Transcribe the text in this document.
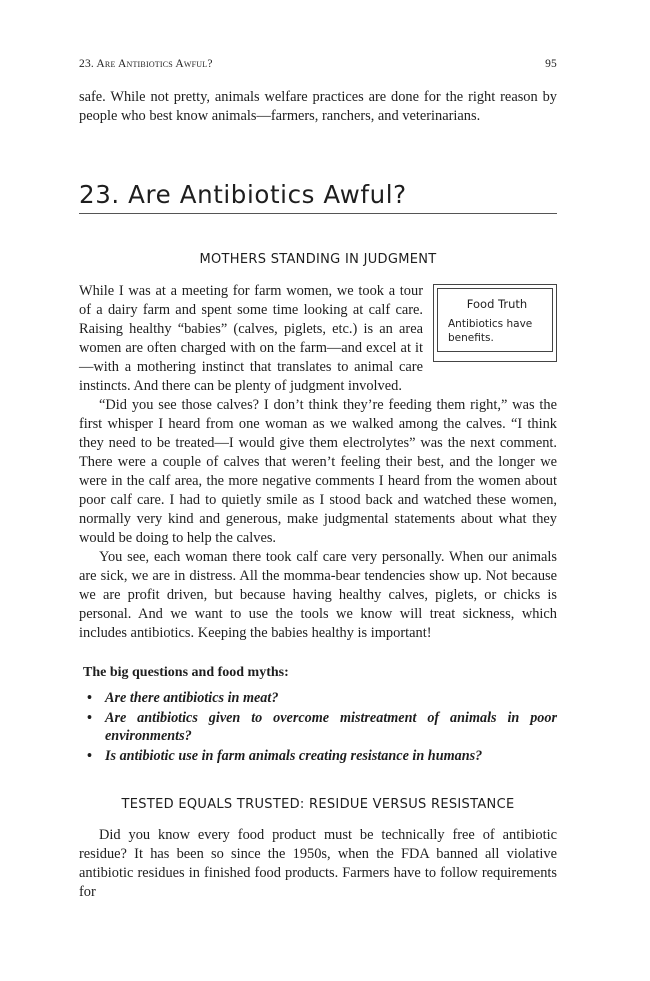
23. Are Antibiotics Awful?	95

safe. While not pretty, animals welfare practices are done for the right reason by people who best know animals—farmers, ranchers, and veterinarians.

23. Are Antibiotics Awful?
MOTHERS STANDING IN JUDGMENT
Food Truth
Antibiotics have benefits.

While I was at a meeting for farm women, we took a tour of a dairy farm and spent some time looking at calf care. Raising healthy “babies” (calves, piglets, etc.) is an area women are often charged with on the farm—and excel at it—with a mothering instinct that translates to animal care instincts. And there can be plenty of judgment involved.

“Did you see those calves? I don’t think they’re feeding them right,” was the first whisper I heard from one woman as we walked among the calves. “I think they need to be treated—I would give them electrolytes” was the next comment. There were a couple of calves that weren’t feeling their best, and the longer we were in the calf area, the more negative comments I heard from the women about poor calf care. I had to quietly smile as I stood back and watched these women, normally very kind and generous, make judgmental statements about what they would be doing to help the calves.

You see, each woman there took calf care very personally. When our animals are sick, we are in distress. All the momma-bear tendencies show up. Not because we are profit driven, but because having healthy calves, piglets, or chicks is personal. And we want to use the tools we know will treat sickness, which includes antibiotics. Keeping the babies healthy is important!

The big questions and food myths:
• Are there antibiotics in meat?
• Are antibiotics given to overcome mistreatment of animals in poor environments?
• Is antibiotic use in farm animals creating resistance in humans?
TESTED EQUALS TRUSTED: RESIDUE VERSUS RESISTANCE

Did you know every food product must be technically free of antibiotic residue? It has been so since the 1950s, when the FDA banned all violative antibiotic residues in finished food products. Farmers have to follow requirements for
